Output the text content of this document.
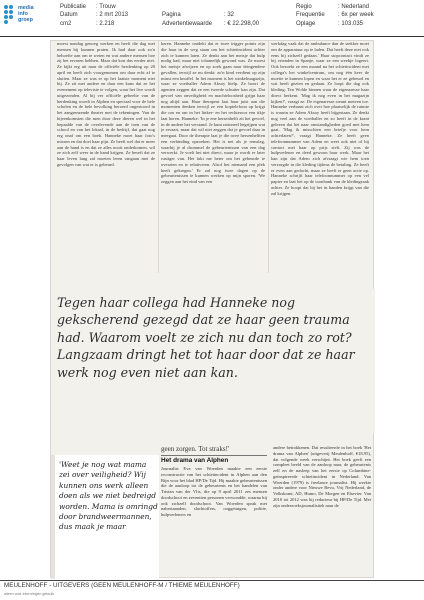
media
info
groep
Publicatie : Trouw
Datum	: 2 mrt 2013
cm2	: 2.218

Pagina	: 32
Advertentiewaarde : € 22.298,00
Regio	: Nederland
Frequentie : 6x per week
Oplage	: 103.035

moest nondag genoeg werken en heeft die dag met mensen bij kunnen praten. Ik had daar ook zo'n behoefte aan om te weten en wat andere mensen hoe zij het ervaren hebben. Maar dat kon dus eerder niet. Ze kijkt erg uit naar de officiële herdenking op 20 april en heeft zich voorgenomen om daar echt af te sluiten. Maar ze was er op het laatste moment niet bij. Ze zit met andere en daar een kans dat ze het evenement op televisie te volgen, waar het live wordt uitgezonden. Al bij ver officiële gebeelte van de herdenking woedt in Alphen en speciaal voor de hele scholen en de hele bevolking beroerd ongestoord in het aangrenzende theater met de tekeningen. Van de bijeenkomsten die men door deze dieren wel in het bepaalde van de overlevende aan de toen van de school en van het lokaal, in de bedrijf, dat gaat nog erg onaf om een boek. Hanneke moet haar foto's missen en dat doet haar pijn. Ze heeft wel dat er meer aan de hand is en dat ze alles nooit onderkomen, wil ze zich zelf weer in de hand krijgen. Ze beseft dat ze haar leven lang zal moeten leren omgaan met de gevolgen van wat er is gebeurd.

keren. Hanneke ontdekt dat er twee trigger points zijn die haar in de weg staan om het schietincident achter zich te kunnen laten. Ze denkt aan het meisje dat hulp nodig had, maar niet ichamelijk gewond was. Ze moest het meisje afwijzen en op zoek gaan naar dringendere gevallen, terwijl ze nu denkt: zo'n kind verdient op zijn minst een knuffel. In het moment is het winkelmagazijn, waar ze voetballer Adem Aksoy hielp. Ze hoort de agenten zeggen dat ze een tweede schutter kan zijn. Dat gevoel van onveiligheid en machteloosheid grijpt haar nog altijd aan. Haar therapeut laat haar juist aan die momenten denken terwijl ze een koptelefoon op krijgt die om en om in het linker- en het rechteroor een tikje laat horen. Hanneke: 'In je ene hersenhelft zit het gevoel, in de andere het verstand. Je kunt rationeel begrijpen wat je ervaart, maar dat wil niet zeggen dat je gevoel daar in meegaat. Door de therapie laat je die twee hersenhelften een verbinding opzoeken. Het is net als je remslag, waarbij je al drommel de gebeurtenissen van een dag verwerkt. Je voelt het niet direct, maar je wordt er later rustiger van. Het lukt me beter om het gebeurde te overzien en te relativeren. Alsof het niemand een plek heeft gekregen.' Er zal nog twee dagen op de gebeurtenissen te kunnen werken op mijn sporen. 'We zeggen aan het eind van een

werkdag vaak dat de ambulance dan de stekker moet om de apparatuur op te laden. Dat heeft deze niet ook eens bij zichzelf gedaan.' Haar stopcontact vindt ze bij vrienden in Spanje, waar ze een weekje logeert. Ook bezoekt ze een maand na het schietincident met collega's het winkelcentrum, om nog één keer de moeite te kunnen lopen en waar het er ze gebeurd en wat heeft gezien en gedaan. Ze loopt die dag ook kleding. Ten Wolde binnen waar de eigenaresse haar direct herkent. 'Mag ik nog even in het magazijn kijken?', vraagt ze. De eigenaresse steunt meteen toe. Hanneke verbaast zich over hoe plaatselijk de ruimte is waarin ze Adem Aksoy heeft bijgestaan. Ze denkt nog veel aan de voetballer en zo heeft in de krant gelezen dat het naar omstandigheden goed met hem gaat. 'Mag ik misschien een briefje voor hem achterlaten?', vraagt Hanneke. Ze heeft geen telefoonnummer van Adem en weet ook niet of hij contact met haar op prijs stelt. Zij was de hulpverlener en deed gewoon haar werk. Maar het kan zijn dat Adem zich afvraagt wie hem toen verzorgde in die kleding tijdens de betaling. Ze heeft er even aan gedacht, maar ze heeft er geen actie op. Hanneke schrijft haar telefoonnummer op een vel papier en laat het op de toonbank van de kledingzaak achter. Ze hoopt dat bij het in handen krijgt van die zal krijgen.

Tegen haar collega had Hanneke nog gekscherend gezegd dat ze haar geen trauma had. Waarom voelt ze zich nu dan toch zo rot? Langzaam dringt het tot haar door dat ze haar werk nog even niet aan kan.
'Weet je nog wat mama zei over veiligheid? Wij kunnen ons werk alleen doen als we niet bedreigd worden. Mama is omringd door brandweermannen, dus maak je maar
geen zorgen. Tot straks!'
Het drama van Alphen

Journalist Eva van Woerden maakte een eerste reconstructie van het schietincident in Alphen aan den Rijn voor het blad HP/De Tijd. Hij maakte gebeurtenissen die de aanloop tot de gebeurtenis en het handelen van Tristan van der Vlis, die op 9 april 2011 zes mensen doodschoot en zeventien personen verwondde, waarna hij ook zichzelf doodschoot. Van Woerden sprak met nabestaanden, slachtoffers, ooggetuigen, politie, hulpverleners en

andere betrokkenen. Dat resulteerde in het boek 'Het drama van Alphen' (uitgeverij Meulenhoff, €18,95), dat volgende week verschijnt. Het boek geeft een compleet beeld van de aanloop naar, de gebeurtenis zelf en de nasleep van het eerste op Columbine-geïnspireerde schietincident in Nederland. Van Woerden (1979) is freelance journalist. Hij werkte onder andere voor Nieuwe Revu, Vrij Nederland, de Volkskrant, AD, Humo, De Morgen en Elsevier. Van 2010 tot 2012 was hij redacteur bij HP/De Tijd. Met zijn onderzoeksjournalistiek naar de

MEULENHOFF - UITGEVERS (GEEN MEULENHOFF-M / THIEME MEULENHOFF)
alleen voor intern/eigen gebruik
